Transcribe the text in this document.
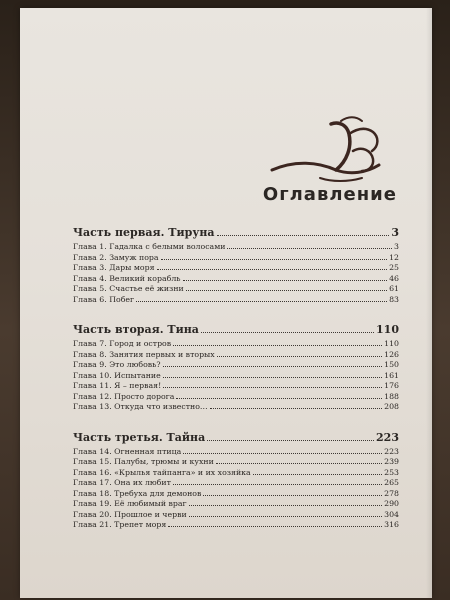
Оглавление
Часть первая. Тируна	3
Глава 1. Гадалка с белыми волосами	3
Глава 2. Замуж пора	12
Глава 3. Дары моря	25
Глава 4. Великий корабль	46
Глава 5. Счастье её жизни	61
Глава 6. Побег	83
Часть вторая. Тина	110
Глава 7. Город и остров	110
Глава 8. Занятия первых и вторых	126
Глава 9. Это любовь?	150
Глава 10. Испытание	161
Глава 11. Я – первая!	176
Глава 12. Просто дорога	188
Глава 13. Откуда что известно…	208
Часть третья. Тайна	223
Глава 14. Огненная птица	223
Глава 15. Палубы, трюмы и кухни	239
Глава 16. «Крылья тайпанга» и их хозяйка	253
Глава 17. Она их любит	265
Глава 18. Требуха для демонов	278
Глава 19. Её любимый враг	290
Глава 20. Прошлое и черви	304
Глава 21. Трепет моря	316
